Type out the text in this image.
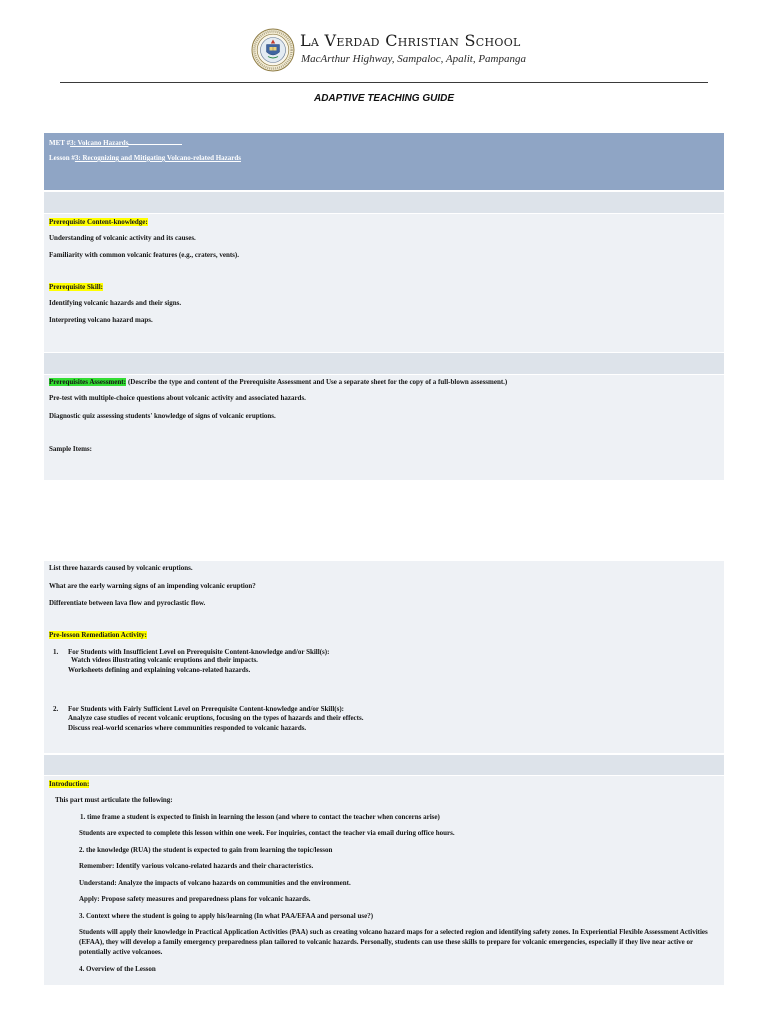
La Verdad Christian School
MacArthur Highway, Sampaloc, Apalit, Pampanga
ADAPTIVE TEACHING GUIDE
MET #3: Volcano Hazards
Lesson #3: Recognizing and Mitigating Volcano-related Hazards
Prerequisite Content-knowledge:
Understanding of volcanic activity and its causes.
Familiarity with common volcanic features (e.g., craters, vents).
Prerequisite Skill:
Identifying volcanic hazards and their signs.
Interpreting volcano hazard maps.
Prerequisites Assessment: (Describe the type and content of the Prerequisite Assessment and Use a separate sheet for the copy of a full-blown assessment.)
Pre-test with multiple-choice questions about volcanic activity and associated hazards.
Diagnostic quiz assessing students' knowledge of signs of volcanic eruptions.
Sample Items:
List three hazards caused by volcanic eruptions.
What are the early warning signs of an impending volcanic eruption?
Differentiate between lava flow and pyroclastic flow.
Pre-lesson Remediation Activity:
1. For Students with Insufficient Level on Prerequisite Content-knowledge and/or Skill(s):
Watch videos illustrating volcanic eruptions and their impacts.
Worksheets defining and explaining volcano-related hazards.
2. For Students with Fairly Sufficient Level on Prerequisite Content-knowledge and/or Skill(s):
Analyze case studies of recent volcanic eruptions, focusing on the types of hazards and their effects.
Discuss real-world scenarios where communities responded to volcanic hazards.
Introduction:
This part must articulate the following:
1. time frame a student is expected to finish in learning the lesson (and where to contact the teacher when concerns arise)
Students are expected to complete this lesson within one week. For inquiries, contact the teacher via email during office hours.
2. the knowledge (RUA) the student is expected to gain from learning the topic/lesson
Remember: Identify various volcano-related hazards and their characteristics.
Understand: Analyze the impacts of volcano hazards on communities and the environment.
Apply: Propose safety measures and preparedness plans for volcanic hazards.
3. Context where the student is going to apply his/learning (In what PAA/EFAA and personal use?)
Students will apply their knowledge in Practical Application Activities (PAA) such as creating volcano hazard maps for a selected region and identifying safety zones. In Experiential Flexible Assessment Activities (EFAA), they will develop a family emergency preparedness plan tailored to volcanic hazards. Personally, students can use these skills to prepare for volcanic emergencies, especially if they live near active or potentially active volcanoes.
4. Overview of the Lesson
